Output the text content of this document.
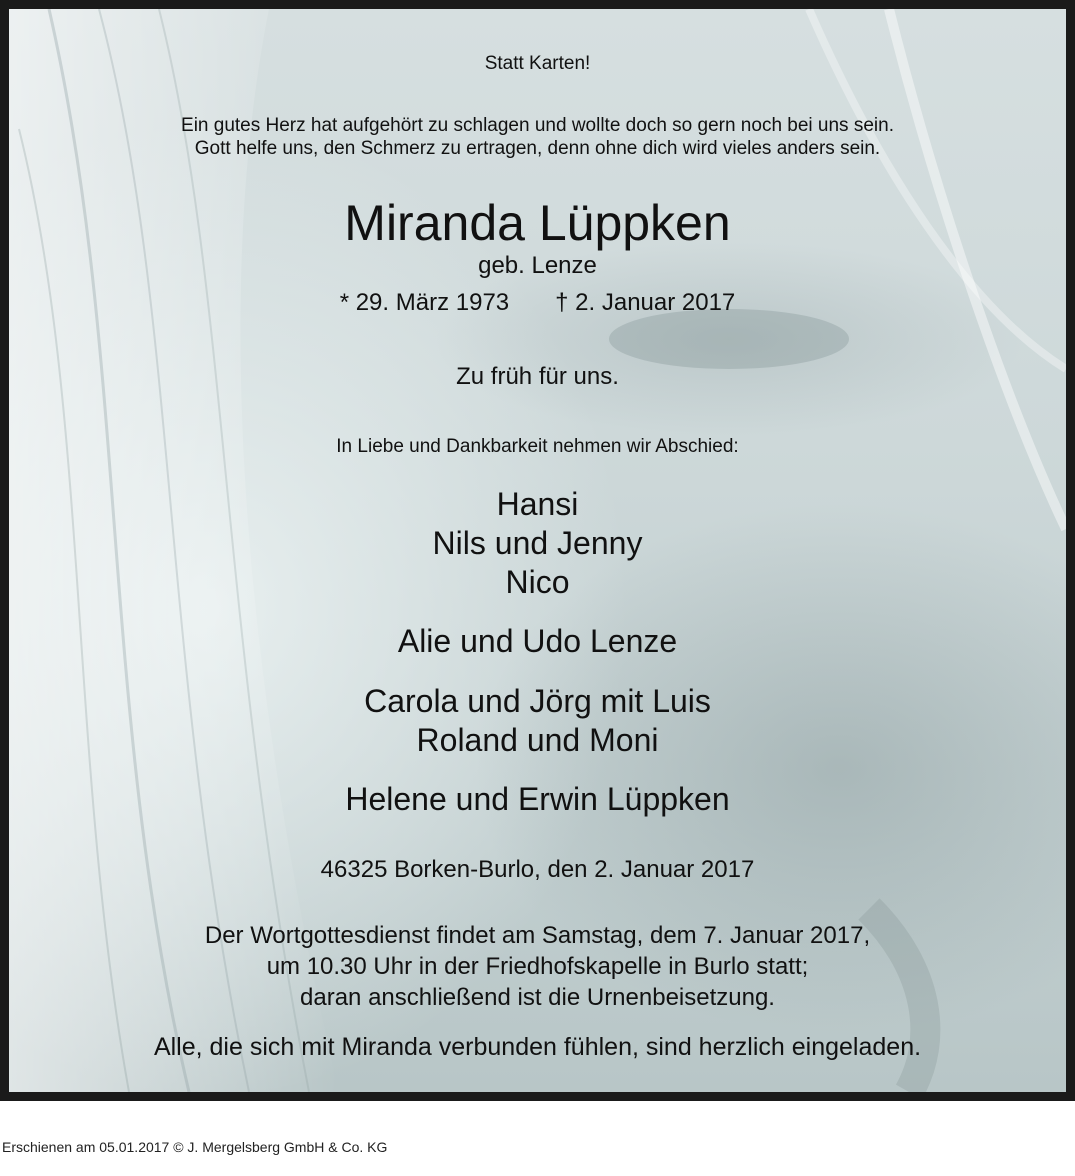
Statt Karten!
Ein gutes Herz hat aufgehört zu schlagen und wollte doch so gern noch bei uns sein.
Gott helfe uns, den Schmerz zu ertragen, denn ohne dich wird vieles anders sein.
Miranda Lüppken
geb. Lenze
* 29. März 1973 † 2. Januar 2017
Zu früh für uns.
In Liebe und Dankbarkeit nehmen wir Abschied:
Hansi
Nils und Jenny
Nico
Alie und Udo Lenze
Carola und Jörg mit Luis
Roland und Moni
Helene und Erwin Lüppken
46325 Borken-Burlo, den 2. Januar 2017
Der Wortgottesdienst findet am Samstag, dem 7. Januar 2017,
um 10.30 Uhr in der Friedhofskapelle in Burlo statt;
daran anschließend ist die Urnenbeisetzung.
Alle, die sich mit Miranda verbunden fühlen, sind herzlich eingeladen.
Erschienen am 05.01.2017 © J. Mergelsberg GmbH & Co. KG
